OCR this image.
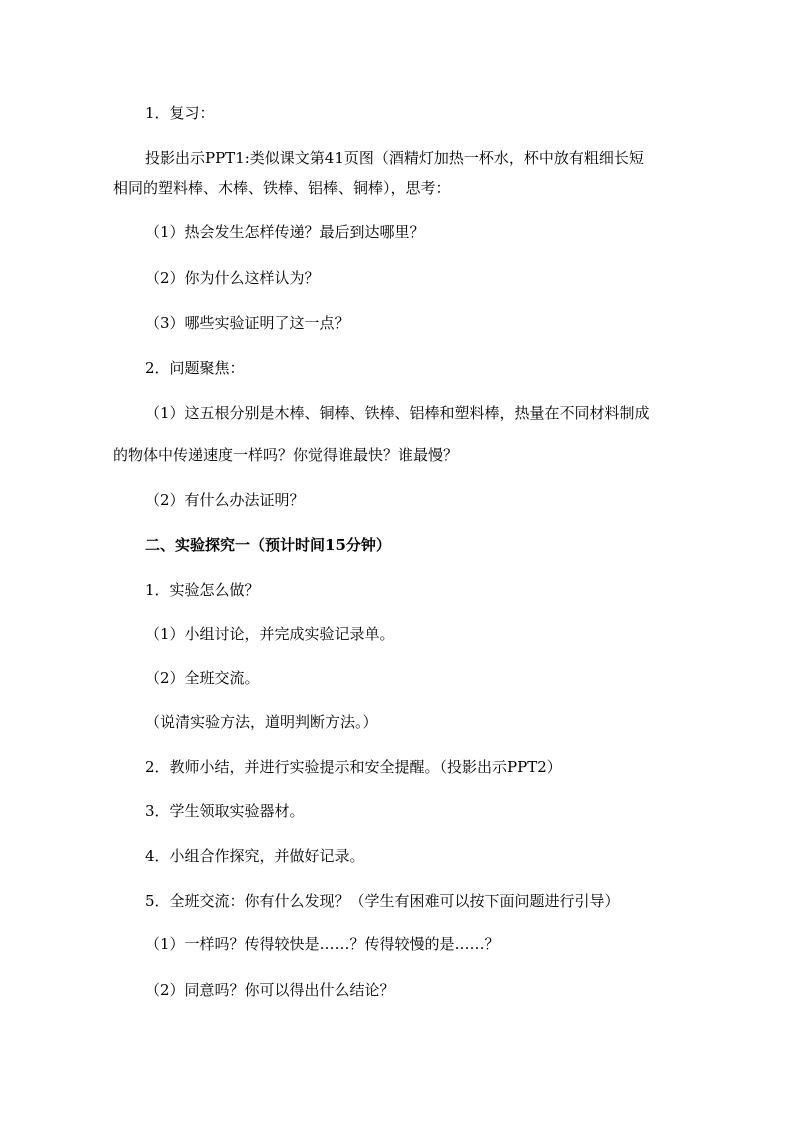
1．复习：
投影出示PPT1:类似课文第41页图（酒精灯加热一杯水，杯中放有粗细长短
相同的塑料棒、木棒、铁棒、铝棒、铜棒），思考：
（1）热会发生怎样传递？最后到达哪里？
（2）你为什么这样认为？
（3）哪些实验证明了这一点？
2．问题聚焦：
（1）这五根分别是木棒、铜棒、铁棒、铝棒和塑料棒，热量在不同材料制成
的物体中传递速度一样吗？你觉得谁最快？谁最慢？
（2）有什么办法证明？
二、实验探究一（预计时间15分钟）
1．实验怎么做？
（1）小组讨论，并完成实验记录单。
（2）全班交流。
（说清实验方法，道明判断方法。）
2．教师小结，并进行实验提示和安全提醒。（投影出示PPT2）
3．学生领取实验器材。
4．小组合作探究，并做好记录。
5．全班交流：你有什么发现？（学生有困难可以按下面问题进行引导）
（1）一样吗？传得较快是……？传得较慢的是……？
（2）同意吗？你可以得出什么结论？
